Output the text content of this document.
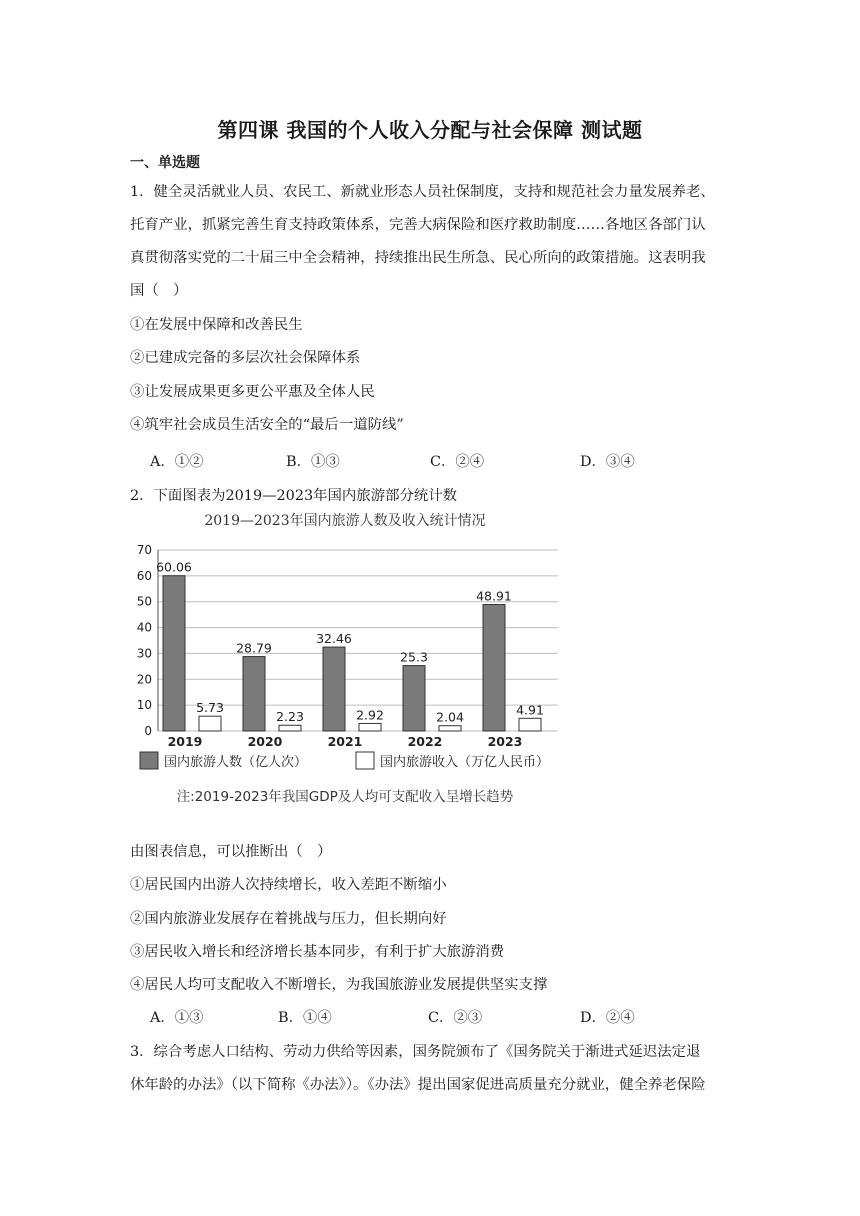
第四课 我国的个人收入分配与社会保障 测试题
一、单选题
1．健全灵活就业人员、农民工、新就业形态人员社保制度，支持和规范社会力量发展养老、
托育产业，抓紧完善生育支持政策体系，完善大病保险和医疗救助制度……各地区各部门认
真贯彻落实党的二十届三中全会精神，持续推出民生所急、民心所向的政策措施。这表明我
国（　）
①在发展中保障和改善民生
②已建成完备的多层次社会保障体系
③让发展成果更多更公平惠及全体人民
④筑牢社会成员生活安全的“最后一道防线”
A．①②	B．①③	C．②④	D．③④
2．下面图表为2019—2023年国内旅游部分统计数
2019—2023年国内旅游人数及收入统计情况
0
10
20
30
40
50
60
70
60.06
5.73
2019
28.79
2.23
2020
32.46
2.92
2021
25.3
2.04
2022
48.91
4.91
2023
国内旅游人数（亿人次）	国内旅游收入（万亿人民币）
注:2019-2023年我国GDP及人均可支配收入呈增长趋势
由图表信息，可以推断出（　）
①居民国内出游人次持续增长，收入差距不断缩小
②国内旅游业发展存在着挑战与压力，但长期向好
③居民收入增长和经济增长基本同步，有利于扩大旅游消费
④居民人均可支配收入不断增长，为我国旅游业发展提供坚实支撑
A．①③	B．①④	C．②③	D．②④
3．综合考虑人口结构、劳动力供给等因素，国务院颁布了《国务院关于渐进式延迟法定退
休年龄的办法》（以下简称《办法》）。《办法》提出国家促进高质量充分就业，健全养老保险
